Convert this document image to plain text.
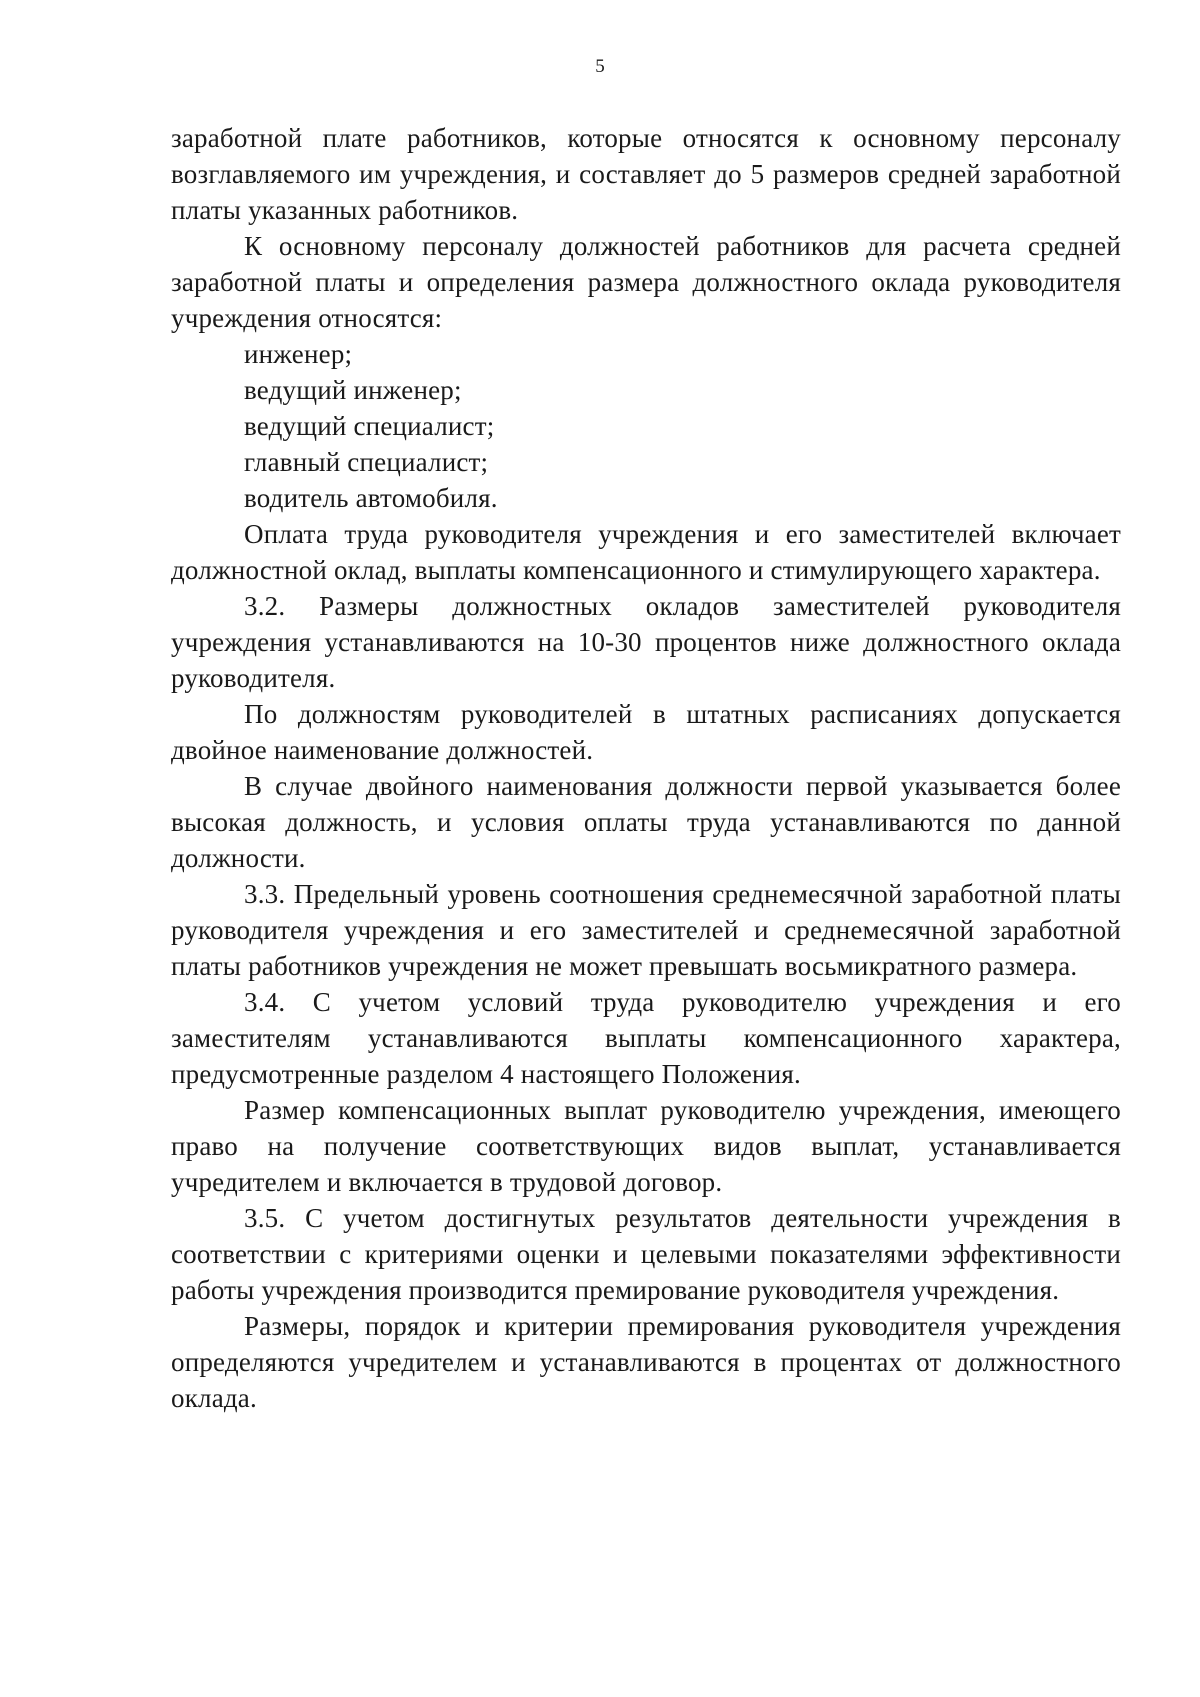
5

заработной плате работников, которые относятся к основному персоналу возглавляемого им учреждения, и составляет до 5 размеров средней заработной платы указанных работников.

К основному персоналу должностей работников для расчета средней заработной платы и определения размера должностного оклада руководителя учреждения относятся:

инженер;

ведущий инженер;

ведущий специалист;

главный специалист;

водитель автомобиля.

Оплата труда руководителя учреждения и его заместителей включает должностной оклад, выплаты компенсационного и стимулирующего характера.

3.2. Размеры должностных окладов заместителей руководителя учреждения устанавливаются на 10-30 процентов ниже должностного оклада руководителя.

По должностям руководителей в штатных расписаниях допускается двойное наименование должностей.

В случае двойного наименования должности первой указывается более высокая должность, и условия оплаты труда устанавливаются по данной должности.

3.3. Предельный уровень соотношения среднемесячной заработной платы руководителя учреждения и его заместителей и среднемесячной заработной платы работников учреждения не может превышать восьмикратного размера.

3.4. С учетом условий труда руководителю учреждения и его заместителям устанавливаются выплаты компенсационного характера, предусмотренные разделом 4 настоящего Положения.

Размер компенсационных выплат руководителю учреждения, имеющего право на получение соответствующих видов выплат, устанавливается учредителем и включается в трудовой договор.

3.5. С учетом достигнутых результатов деятельности учреждения в соответствии с критериями оценки и целевыми показателями эффективности работы учреждения производится премирование руководителя учреждения.

Размеры, порядок и критерии премирования руководителя учреждения определяются учредителем и устанавливаются в процентах от должностного оклада.
